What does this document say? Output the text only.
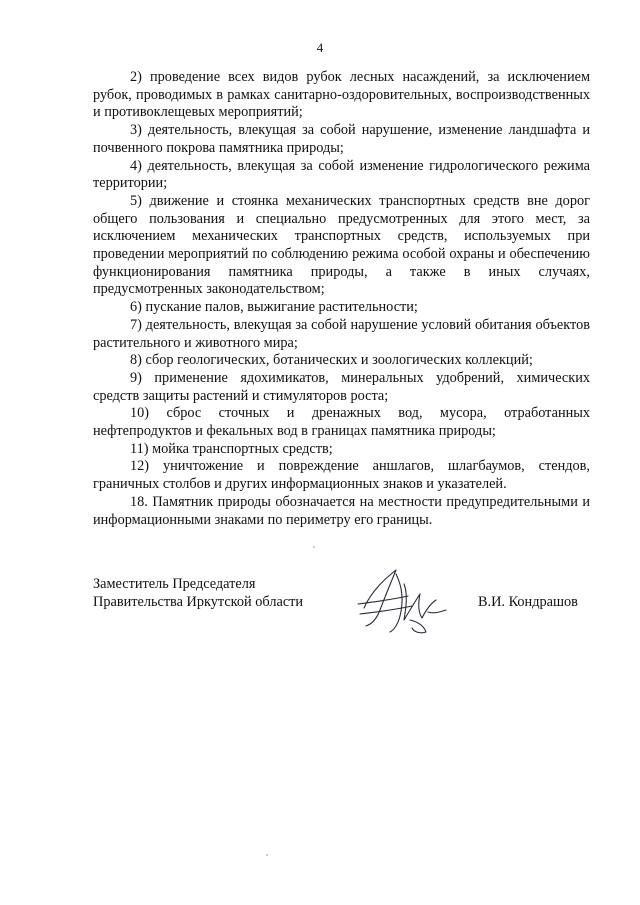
4

2) проведение всех видов рубок лесных насаждений, за исключением рубок, проводимых в рамках санитарно-оздоровительных, воспроизводственных и противоклещевых мероприятий;

3) деятельность, влекущая за собой нарушение, изменение ландшафта и почвенного покрова памятника природы;

4) деятельность, влекущая за собой изменение гидрологического режима территории;

5) движение и стоянка механических транспортных средств вне дорог общего пользования и специально предусмотренных для этого мест, за исключением механических транспортных средств, используемых при проведении мероприятий по соблюдению режима особой охраны и обеспечению функционирования памятника природы, а также в иных случаях, предусмотренных законодательством;

6) пускание палов, выжигание растительности;

7) деятельность, влекущая за собой нарушение условий обитания объектов растительного и животного мира;

8) сбор геологических, ботанических и зоологических коллекций;

9) применение ядохимикатов, минеральных удобрений, химических средств защиты растений и стимуляторов роста;

10) сброс сточных и дренажных вод, мусора, отработанных нефтепродуктов и фекальных вод в границах памятника природы;

11) мойка транспортных средств;

12) уничтожение и повреждение аншлагов, шлагбаумов, стендов, граничных столбов и других информационных знаков и указателей.

18. Памятник природы обозначается на местности предупредительными и информационными знаками по периметру его границы.

Заместитель Председателя
Правительства Иркутской области	В.И. Кондрашов
